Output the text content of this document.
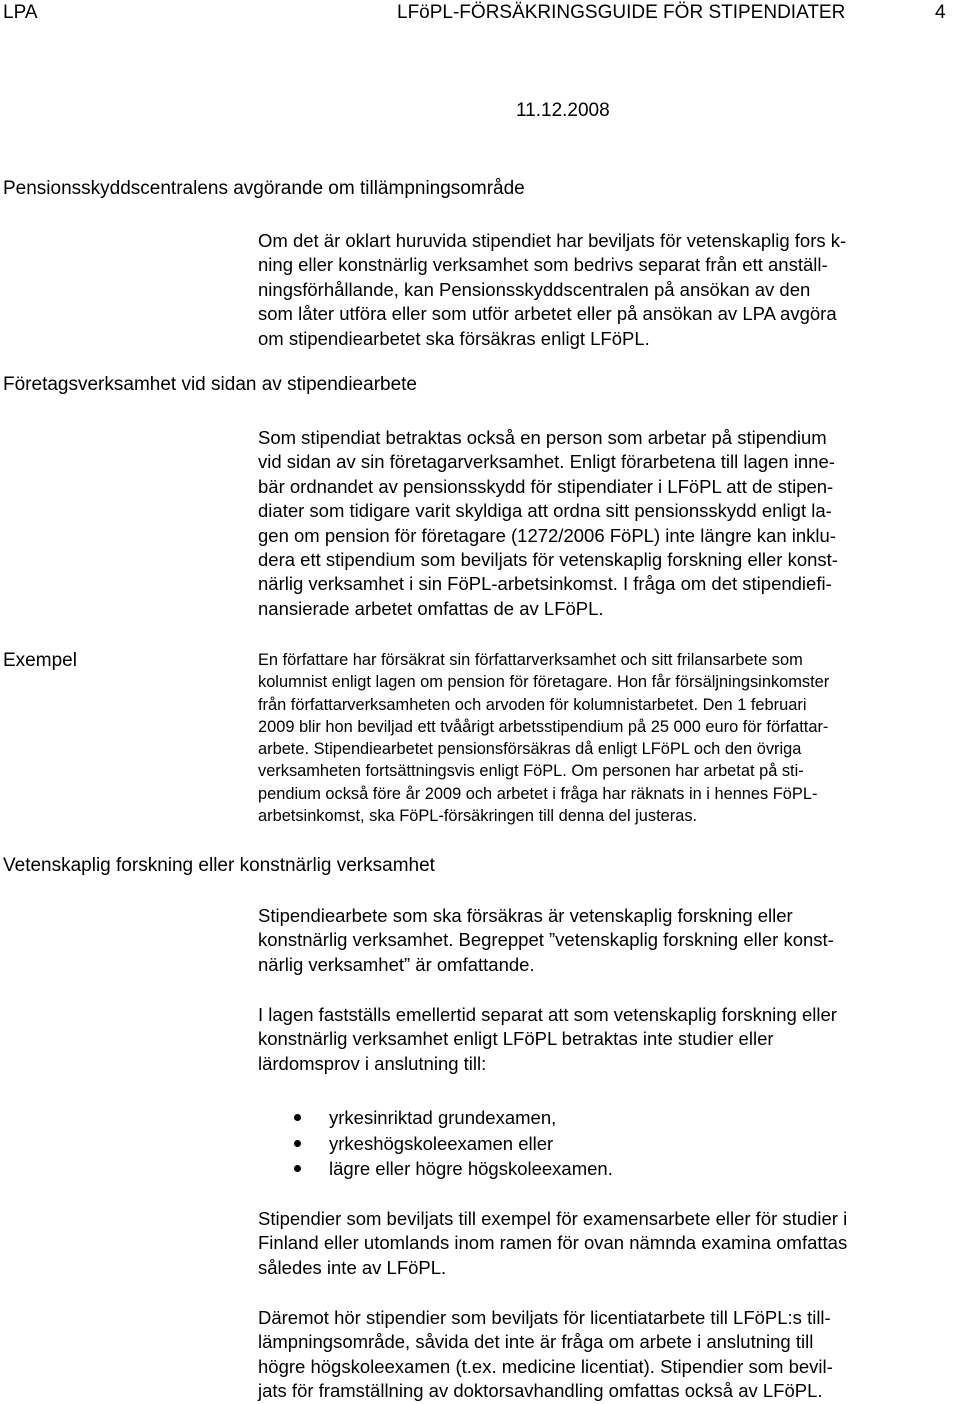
LPA	LFöPL-FÖRSÄKRINGSGUIDE FÖR STIPENDIATER	4
11.12.2008
Pensionsskyddscentralens avgörande om tillämpningsområde
Om det är oklart huruvida stipendiet har beviljats för vetenskaplig fors k-
ning eller konstnärlig verksamhet som bedrivs separat från ett anställ-
ningsförhållande, kan Pensionsskyddscentralen på ansökan av den
som låter utföra eller som utför arbetet eller på ansökan av LPA avgöra
om stipendiearbetet ska försäkras enligt LFöPL.
Företagsverksamhet vid sidan av stipendiearbete
Som stipendiat betraktas också en person som arbetar på stipendium
vid sidan av sin företagarverksamhet. Enligt förarbetena till lagen inne-
bär ordnandet av pensionsskydd för stipendiater i LFöPL att de stipen-
diater som tidigare varit skyldiga att ordna sitt pensionsskydd enligt la-
gen om pension för företagare (1272/2006 FöPL) inte längre kan inklu-
dera ett stipendium som beviljats för vetenskaplig forskning eller konst-
närlig verksamhet i sin FöPL-arbetsinkomst. I fråga om det stipendiefi-
nansierade arbetet omfattas de av LFöPL.
Exempel	En författare har försäkrat sin författarverksamhet och sitt frilansarbete som
kolumnist enligt lagen om pension för företagare. Hon får försäljningsinkomster
från författarverksamheten och arvoden för kolumnistarbetet. Den 1 februari
2009 blir hon beviljad ett tvåårigt arbetsstipendium på 25 000 euro för författar-
arbete. Stipendiearbetet pensionsförsäkras då enligt LFöPL och den övriga
verksamheten fortsättningsvis enligt FöPL. Om personen har arbetat på sti-
pendium också före år 2009 och arbetet i fråga har räknats in i hennes FöPL-
arbetsinkomst, ska FöPL-försäkringen till denna del justeras.
Vetenskaplig forskning eller konstnärlig verksamhet
Stipendiearbete som ska försäkras är vetenskaplig forskning eller
konstnärlig verksamhet. Begreppet ”vetenskaplig forskning eller konst-
närlig verksamhet” är omfattande.
I lagen fastställs emellertid separat att som vetenskaplig forskning eller
konstnärlig verksamhet enligt LFöPL betraktas inte studier eller
lärdomsprov i anslutning till:
yrkesinriktad grundexamen,
yrkeshögskoleexamen eller
lägre eller högre högskoleexamen.
Stipendier som beviljats till exempel för examensarbete eller för studier i
Finland eller utomlands inom ramen för ovan nämnda examina omfattas
således inte av LFöPL.
Däremot hör stipendier som beviljats för licentiatarbete till LFöPL:s till-
lämpningsområde, såvida det inte är fråga om arbete i anslutning till
högre högskoleexamen (t.ex. medicine licentiat). Stipendier som bevil-
jats för framställning av doktorsavhandling omfattas också av LFöPL.
